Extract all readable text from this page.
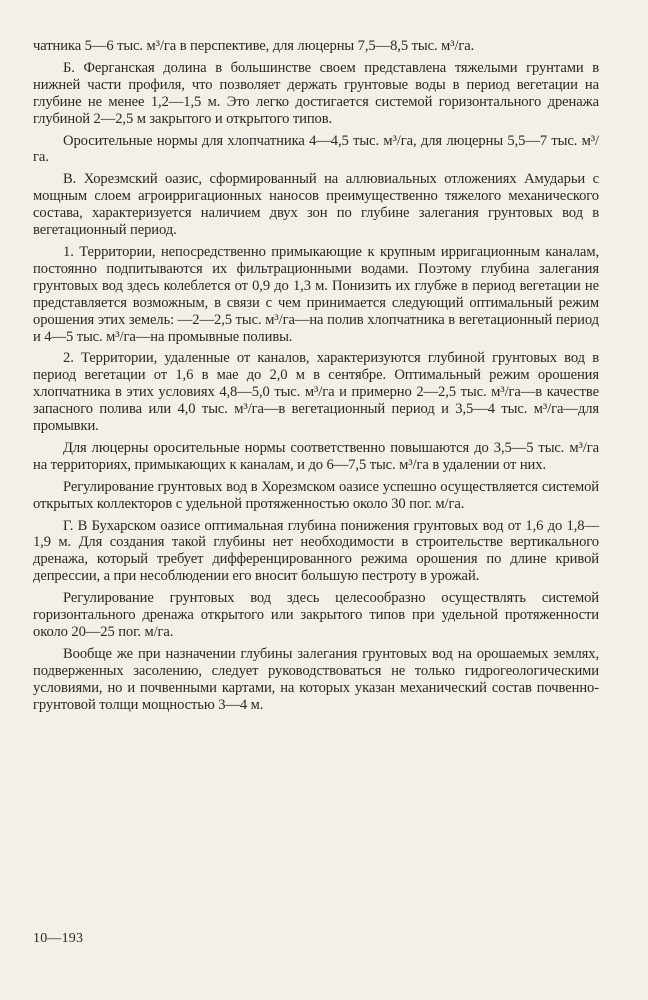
чатника 5—6 тыс. м³/га в перспективе, для люцерны 7,5—8,5 тыс. м³/га.

Б. Ферганская долина в большинстве своем представлена тяжелыми грунтами в нижней части профиля, что позволяет держать грунтовые воды в период вегетации на глубине не менее 1,2—1,5 м. Это легко достигается системой горизонтального дренажа глубиной 2—2,5 м закрытого и открытого типов.

Оросительные нормы для хлопчатника 4—4,5 тыс. м³/га, для люцерны 5,5—7 тыс. м³/га.

В. Хорезмский оазис, сформированный на аллювиальных отложениях Амударьи с мощным слоем агроирригационных наносов преимущественно тяжелого механического состава, характеризуется наличием двух зон по глубине залегания грунтовых вод в вегетационный период.

1. Территории, непосредственно примыкающие к крупным ирригационным каналам, постоянно подпитываются их фильтрационными водами. Поэтому глубина залегания грунтовых вод здесь колеблется от 0,9 до 1,3 м. Понизить их глубже в период вегетации не представляется возможным, в связи с чем принимается следующий оптимальный режим орошения этих земель: —2—2,5 тыс. м³/га—на полив хлопчатника в вегетационный период и 4—5 тыс. м³/га—на промывные поливы.

2. Территории, удаленные от каналов, характеризуются глубиной грунтовых вод в период вегетации от 1,6 в мае до 2,0 м в сентябре. Оптимальный режим орошения хлопчатника в этих условиях 4,8—5,0 тыс. м³/га и примерно 2—2,5 тыс. м³/га—в качестве запасного полива или 4,0 тыс. м³/га—в вегетационный период и 3,5—4 тыс. м³/га—для промывки.

Для люцерны оросительные нормы соответственно повышаются до 3,5—5 тыс. м³/га на территориях, примыкающих к каналам, и до 6—7,5 тыс. м³/га в удалении от них.

Регулирование грунтовых вод в Хорезмском оазисе успешно осуществляется системой открытых коллекторов с удельной протяженностью около 30 пог. м/га.

Г. В Бухарском оазисе оптимальная глубина понижения грунтовых вод от 1,6 до 1,8—1,9 м. Для создания такой глубины нет необходимости в строительстве вертикального дренажа, который требует дифференцированного режима орошения по длине кривой депрессии, а при несоблюдении его вносит большую пестроту в урожай.

Регулирование грунтовых вод здесь целесообразно осуществлять системой горизонтального дренажа открытого или закрытого типов при удельной протяженности около 20—25 пог. м/га.

Вообще же при назначении глубины залегания грунтовых вод на орошаемых землях, подверженных засолению, следует руководствоваться не только гидрогеологическими условиями, но и почвенными картами, на которых указан механический состав почвенно-грунтовой толщи мощностью 3—4 м.

10—193
